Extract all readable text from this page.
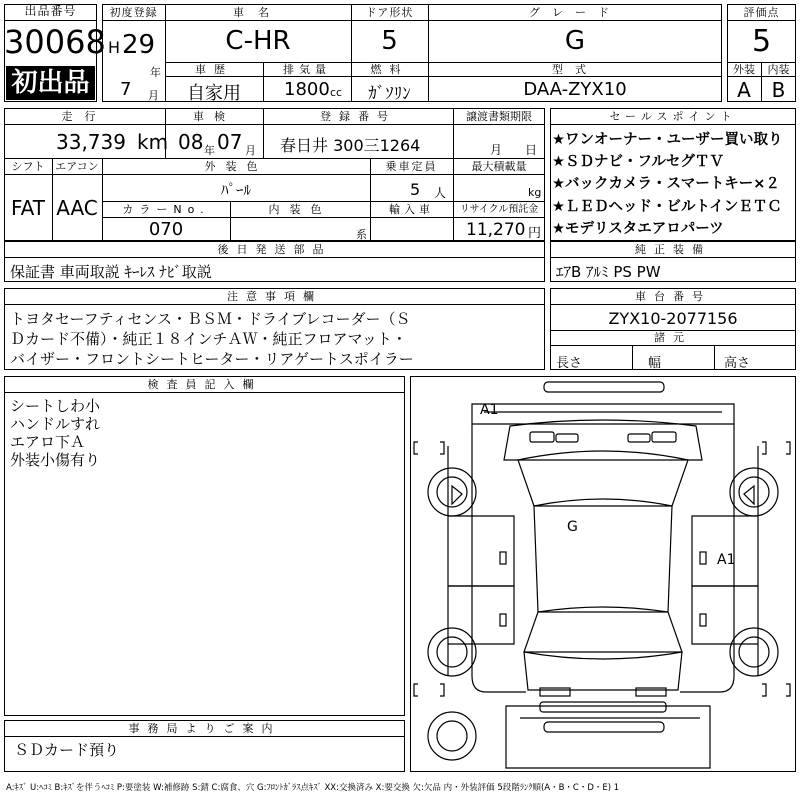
出品番号
30068
初出品
初度登録
H 29
年
7 月
車名
C-HR
車歴
自家用
排気量
1800 cc
ドア形状
5
燃料
ｶﾞｿﾘﾝ
グレード
G
型式
DAA-ZYX10
評価点
5
外装	内装
A	B
走行
33,739 km
車検
08 年 07 月
登録番号
春日井 300三1264
譲渡書類期限
月 日
シフト
FAT
エアコン
AAC
外装色
ﾊﾟｰﾙ
カラーNo.
070
内装色
系
乗車定員
5 人
輸入車
最大積載量
kg
リサイクル預託金
11,270 円
セールスポイント
★ワンオーナー・ユーザー買い取り
★ＳＤナビ・フルセグＴＶ
★バックカメラ・スマートキー×２
★ＬＥＤヘッド・ビルトインＥＴＣ
★モデリスタエアロパーツ
後日発送部品
保証書 車両取説 ｷｰﾚｽ ﾅﾋﾞ取説
純正装備
ｴｱB ｱﾙﾐ PS PW
注意事項欄
トヨタセーフティセンス・ＢＳＭ・ドライブレコーダー（Ｓ
Ｄカード不備）・純正１８インチＡＷ・純正フロアマット・
バイザー・フロントシートヒーター・リアゲートスポイラー
車台番号
ZYX10-2077156
諸元
長さ	幅	高さ
検査員記入欄
シートしわ小
ハンドルすれ
エアロ下Ａ
外装小傷有り
事務局よりご案内
ＳＤカード預り
A1
G
A1
A:ｷｽﾞ U:ﾍｺﾐ B:ｷｽﾞを伴うﾍｺﾐ P:要塗装 W:補修跡 S:錆 C:腐食、穴 G:ﾌﾛﾝﾄｶﾞﾗｽ点ｷｽﾞ XX:交換済み X:要交換 欠:欠品 内・外装評価 5段階ﾗﾝｸ順(A・B・C・D・E) 1
